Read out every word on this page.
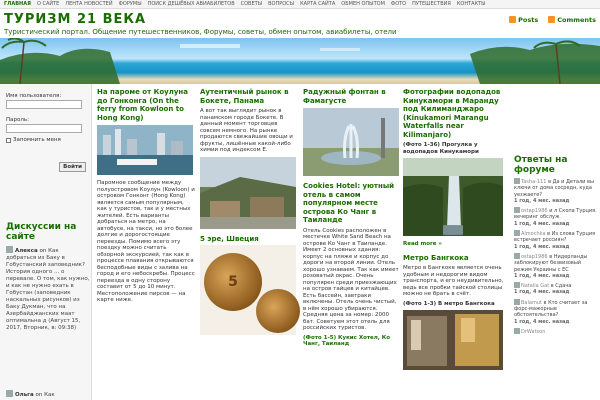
ГЛАВНАЯ О САЙТЕ ЛЕНТА НОВОСТЕЙ ФОРУМЫ ПОИСК ДЕШЁВЫХ АВИАБИЛЕТОВ СОВЕТЫ ВОПРОСЫ КАРТА САЙТА ОБМЕН ОПЫТОМ ФОТО ПУТЕШЕСТВИЯ КОНТАКТЫ
ТУРИЗМ 21 ВЕКА
Туристический портал. Общение путешественников, Форумы, советы, обмен опытом, авиабилеты, отели
Posts	Comments
Имя пользователя:
Пароль:
Запомнить меня
Войти
Дискуссии на сайте
Алекса on Как добраться из Баку в Гобустанский заповедник? История одного ... о перевале. О том, как нужно, и как не нужно ехать в Гобустан (заповедник наскальных рисунков) из Баку Дукман, что на Азербайджанских маат оптимальна д (Август 15, 2017, Вторник, в: 09:38)
Ольга on Как
На пароме от Коулуна до Гонконга (On the ferry from Kowloon to Hong Kong)
Паромное сообщение между полуостровом Коулун (Kowloon) и островом Гонконг (Hong Kong) является самым популярным, как у туристов, так и у местных жителей. Есть варианты добраться на метро, на автобусе, на такси, но это более долгие и дорогостоящие переезды. Помимо всего эту поездку можно считать обзорной экскурсией, так как в процессе плавания открываются бесподобные виды с залива на город и его небоскребы. Процесс переезда в одну сторону составит от 5 до 10 минут. Местоположение пирсов — на карте ниже.
Аутентичный рынок в Бокете, Панама
А вот так выглядит рынок в панамском городе Бокете. В данный момент торговцев совсем немного. На рынке продаются свежайшие овощи и фрукты, лишённые какой-либо химии под индексом Е.
5 эре, Швеция
5
Радужный фонтан в Фамагусте
Cookies Hotel: уютный отель в самом популярном месте острова Ко Чанг в Таиланде
Отель Cookies расположен в местечке White Sand Beach на острове Ко Чанг в Таиланде. Имеет 2 основных здания: корпус на пляже и корпус до дороги на второй линии. Отель хорошо узнаваем. Так как имеет розоватый окрас. Очень популярен среди приезжающих на остров тайцев и китайцев. Есть бассейн, завтраки включены. Отель очень чистый, в нём хорошо убираются. Средняя цена за номер: 2000 бат. Советуем этот отель для российских туристов.
(Фото 1-5) Кукис Хотел, Ко Чанг, Таиланд
Фотографии водопадов Кинукамори в Маранду под Килиманджаро (Kinukamori Marangu Waterfalls near Kilimanjaro)
(Фото 1-36) Прогулка у водопадов Кинукамори
Read more »
Метро Бангкока
Метро в Бангкоке является очень удобным и недорогим видом транспорта, и его неудивительно, ведь все пробки тайской столицы можно не брать в счёт.
(Фото 1-3) В метро Бангкока
Ответы на форуме
Tasha-111 в Да и Детали вы ключи от дома сосредн, куда уезжаете?
1 год, 4 мес. назад
ostap1986 и л Скопа Турция. вечеринг обслуж
1 год, 4 мес. назад
Almochka в Из слова Турция встречает россиян?
1 год, 4 мес. назад
ostap1986 в Нидерланды заблокируют безвизовый режим Украины с ЕС
1 год, 4 мес. назад
Natalia Gat в Сдача
1 год, 4 мес. назад
Balamut в Кто считает за форс-мажорные обстоятельства?
1 год, 4 мес. назад
DrWatson
